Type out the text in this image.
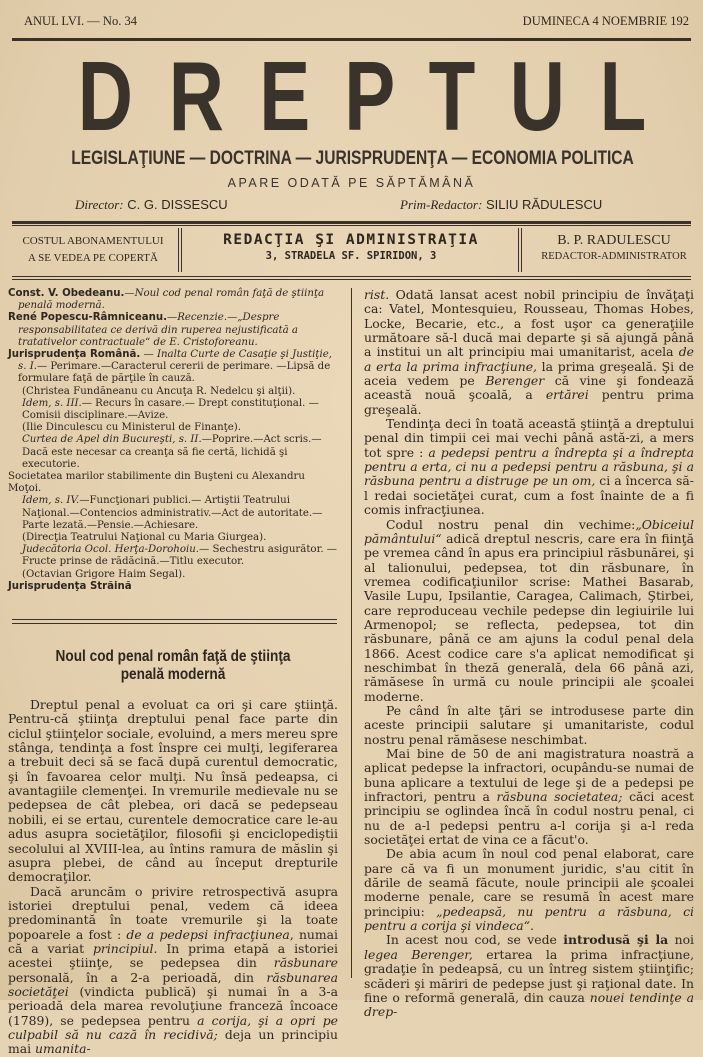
ANUL LVI. — No. 34	DUMINECA 4 NOEMBRIE 192
D R E P T U L
LEGISLAŢIUNE — DOCTRINA — JURISPRUDENŢA — ECONOMIA POLITICA
APARE ODATĂ PE SĂPTĂMÂNĂ
Director: C. G. DISSESCU	Prim-Redactor: SILIU RĂDULESCU
COSTUL ABONAMENTULUI
A SE VEDEA PE COPERTĂ
REDACŢIA ŞI ADMINISTRAŢIA
3, STRADELA SF. SPIRIDON, 3
B. P. RADULESCU
REDACTOR-ADMINISTRATOR

Const. V. Obedeanu.—Noul cod penal român faţă de ştiinţa penală modernă.

René Popescu-Râmniceanu.—Recenzie.—„Despre responsabilitatea ce derivă din ruperea nejustificată a tratativelor contractuale“ de E. Cristoforeanu.

Jurisprudenţa Română. — Inalta Curte de Casaţie şi Justiţie, s. I.— Perimare.—Caracterul cererii de perimare. —Lipsă de formulare faţă de părţile în cauză.

(Christea Fundăneanu cu Ancuţa R. Nedelcu şi alţii).

Idem, s. III.— Recurs în casare.— Drept constituţional. — Comisii disciplinare.—Avize.

(Ilie Dinculescu cu Ministerul de Finanţe).

Curtea de Apel din Bucureşti, s. II.—Poprire.—Act scris.— Dacă este necesar ca creanţa să fie certă, lichidă şi executorie.

Societatea marilor stabilimente din Buşteni cu Alexandru Moţoi.

Idem, s. IV.—Funcţionari publici.— Artiştii Teatrului Naţional.—Contencios administrativ.—Act de autoritate.—Parte lezată.—Pensie.—Achiesare.

(Direcţia Teatrului Naţional cu Maria Giurgea).

Judecătoria Ocol. Herţa-Dorohoiu.— Sechestru asigurător. —Fructe prinse de rădăcină.—Titlu executor.

(Octavian Grigore Haim Segal).

Jurisprudenţa Străină

Noul cod penal român faţă de ştiinţa
penală modernă

Dreptul penal a evoluat ca ori şi care ştiinţă. Pentru-că ştiinţa dreptului penal face parte din ciclul ştiinţelor sociale, evoluind, a mers mereu spre stânga, tendinţa a fost înspre cei mulţi, legiferarea a trebuit deci să se facă după curentul democratic, şi în favoarea celor mulţi. Nu însă pedeapsa, ci avantagiile clemenţei. In vremurile medievale nu se pedepsea de cât plebea, ori dacă se pedepseau nobili, ei se ertau, curentele democratice care le-au adus asupra societăţilor, filosofii şi enciclopediştii secolului al XVIII-lea, au întins ramura de măslin şi asupra plebei, de când au început drepturile democraţilor.

Dacă aruncăm o privire retrospectivă asupra istoriei dreptului penal, vedem că ideea predominantă în toate vremurile şi la toate popoarele a fost : de a pedepsi infracţiunea, numai că a variat principiul. In prima etapă a istoriei acestei ştiinţe, se pedepsea din răsbunare personală, în a 2-a perioadă, din răsbunarea societăţei (vindicta publică) şi numai în a 3-a perioadă dela marea revoluţiune franceză încoace (1789), se pedepsea pentru a corija, şi a opri pe culpabil să nu cază în recidivă; deja un principiu mai umanita-

rist. Odată lansat acest nobil principiu de învăţaţi ca: Vatel, Montesquieu, Rousseau, Thomas Hobes, Locke, Becarie, etc., a fost uşor ca generaţiile următoare să-l ducă mai departe şi să ajungă până a institui un alt principiu mai umanitarist, acela de a erta la prima infracţiune, la prima greşeală. Şi de aceia vedem pe Berenger că vine şi fondează această nouă şcoală, a ertărei pentru prima greşeală.

Tendinţa deci în toată această ştiinţă a dreptului penal din timpii cei mai vechi până astă-zi, a mers tot spre : a pedepsi pentru a îndrepta şi a îndrepta pentru a erta, ci nu a pedepsi pentru a răsbuna, şi a răsbuna pentru a distruge pe un om, ci a încerca să-l redai societăţei curat, cum a fost înainte de a fi comis infracţiunea.

Codul nostru penal din vechime:„Obiceiul pământului“ adică dreptul nescris, care era în fiinţă pe vremea când în apus era principiul răsbunărei, şi al talionului, pedepsea, tot din răsbunare, în vremea codificaţiunilor scrise: Mathei Basarab, Vasile Lupu, Ipsilantie, Caragea, Calimach, Ştirbei, care reproduceau vechile pedepse din legiuirile lui Armenopol; se reflecta, pedepsea, tot din răsbunare, până ce am ajuns la codul penal dela 1866. Acest codice care s'a aplicat nemodificat şi neschimbat în theză generală, dela 66 până azi, rămăsese în urmă cu noule principii ale şcoalei moderne.

Pe când în alte ţări se introdusese parte din aceste principii salutare şi umanitariste, codul nostru penal rămăsese neschimbat.

Mai bine de 50 de ani magistratura noastră a aplicat pedepse la infractori, ocupându-se numai de buna aplicare a textului de lege şi de a pedepsi pe infractori, pentru a răsbuna societatea; căci acest principiu se oglindea încă în codul nostru penal, ci nu de a-l pedepsi pentru a-l corija şi a-l reda societăţei ertat de vina ce a făcut'o.

De abia acum în noul cod penal elaborat, care pare că va fi un monument juridic, s'au citit în dările de seamă făcute, noule principii ale şcoalei moderne penale, care se resumă în acest mare principiu: „pedeapsă, nu pentru a răsbuna, ci pentru a corija şi vindeca“.

In acest nou cod, se vede introdusă şi la noi legea Berenger, ertarea la prima infracţiune, gradaţie în pedeapsă, cu un întreg sistem ştiinţific; scăderi şi măriri de pedepse just şi raţional date. In fine o reformă generală, din cauza nouei tendinţe a drep-
